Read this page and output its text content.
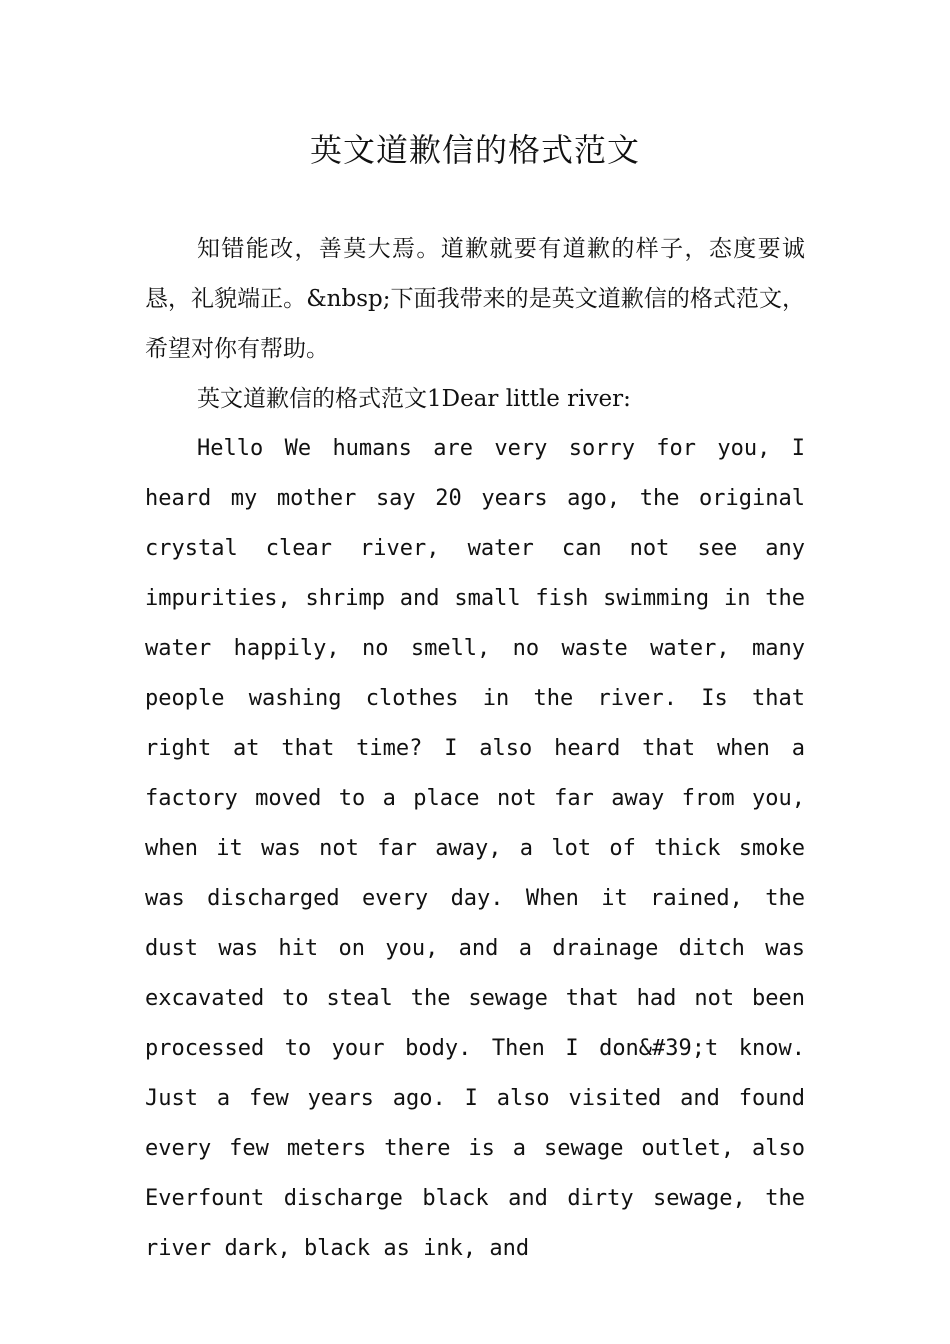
英文道歉信的格式范文

知错能改，善莫大焉。道歉就要有道歉的样子，态度要诚恳，礼貌端正。&nbsp;下面我带来的是英文道歉信的格式范文，希望对你有帮助。

英文道歉信的格式范文1Dear little river:

Hello We humans are very sorry for you, I heard my mother say 20 years ago, the original crystal clear river, water can not see any impurities, shrimp and small fish swimming in the water happily, no smell, no waste water, many people washing clothes in the river. Is that right at that time? I also heard that when a factory moved to a place not far away from you, when it was not far away, a lot of thick smoke was discharged every day. When it rained, the dust was hit on you, and a drainage ditch was excavated to steal the sewage that had not been processed to your body. Then I don&#39;t know. Just a few years ago. I also visited and found every few meters there is a sewage outlet, also Everfount discharge black and dirty sewage, the river dark, black as ink, and
